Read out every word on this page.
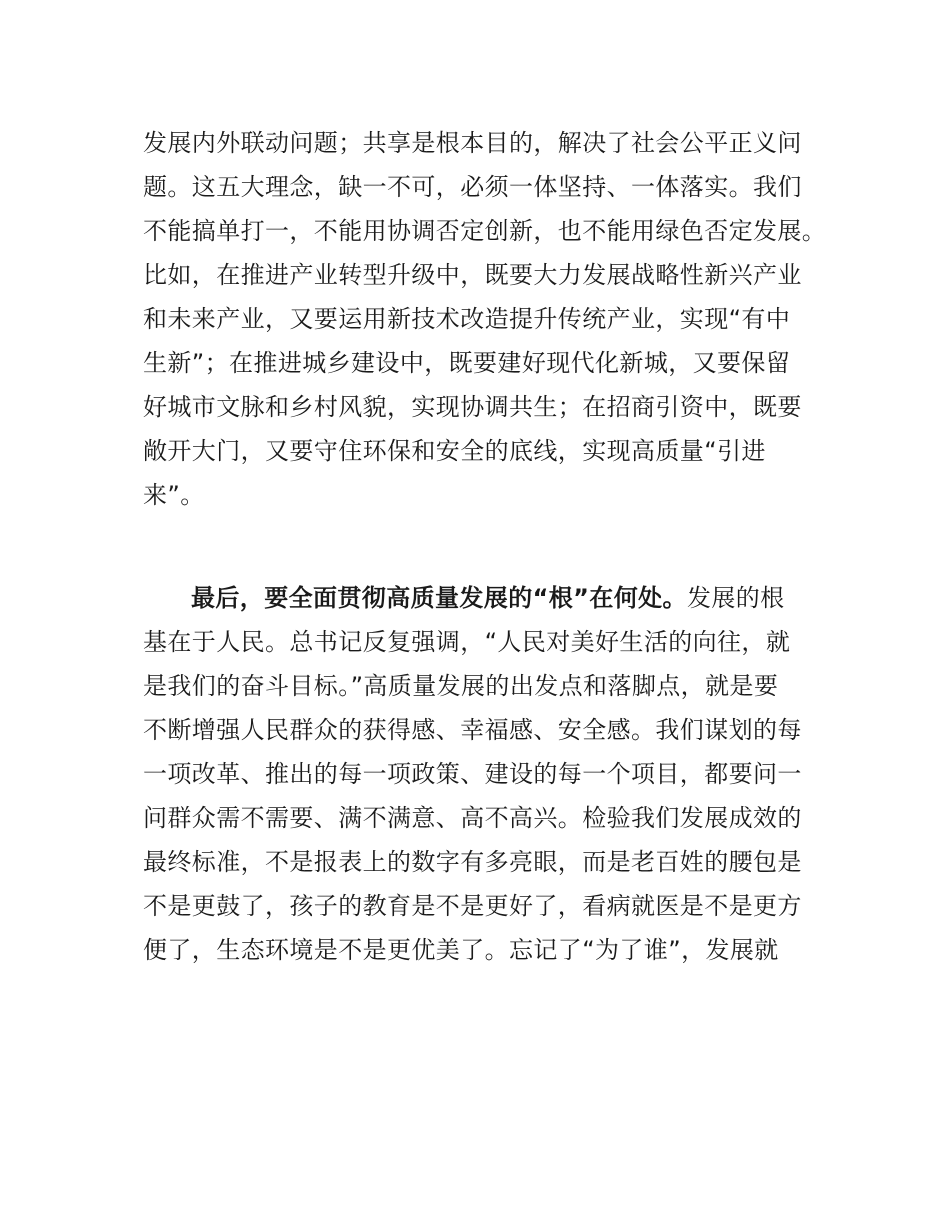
发展内外联动问题；共享是根本目的，解决了社会公平正义问
题。这五大理念，缺一不可，必须一体坚持、一体落实。我们
不能搞单打一，不能用协调否定创新，也不能用绿色否定发展。
比如，在推进产业转型升级中，既要大力发展战略性新兴产业
和未来产业，又要运用新技术改造提升传统产业，实现“有中
生新”；在推进城乡建设中，既要建好现代化新城，又要保留
好城市文脉和乡村风貌，实现协调共生；在招商引资中，既要
敞开大门，又要守住环保和安全的底线，实现高质量“引进
来”。
最后，要全面贯彻高质量发展的“根”在何处。发展的根
基在于人民。总书记反复强调，“人民对美好生活的向往，就
是我们的奋斗目标。”高质量发展的出发点和落脚点，就是要
不断增强人民群众的获得感、幸福感、安全感。我们谋划的每
一项改革、推出的每一项政策、建设的每一个项目，都要问一
问群众需不需要、满不满意、高不高兴。检验我们发展成效的
最终标准，不是报表上的数字有多亮眼，而是老百姓的腰包是
不是更鼓了，孩子的教育是不是更好了，看病就医是不是更方
便了，生态环境是不是更优美了。忘记了“为了谁”，发展就
